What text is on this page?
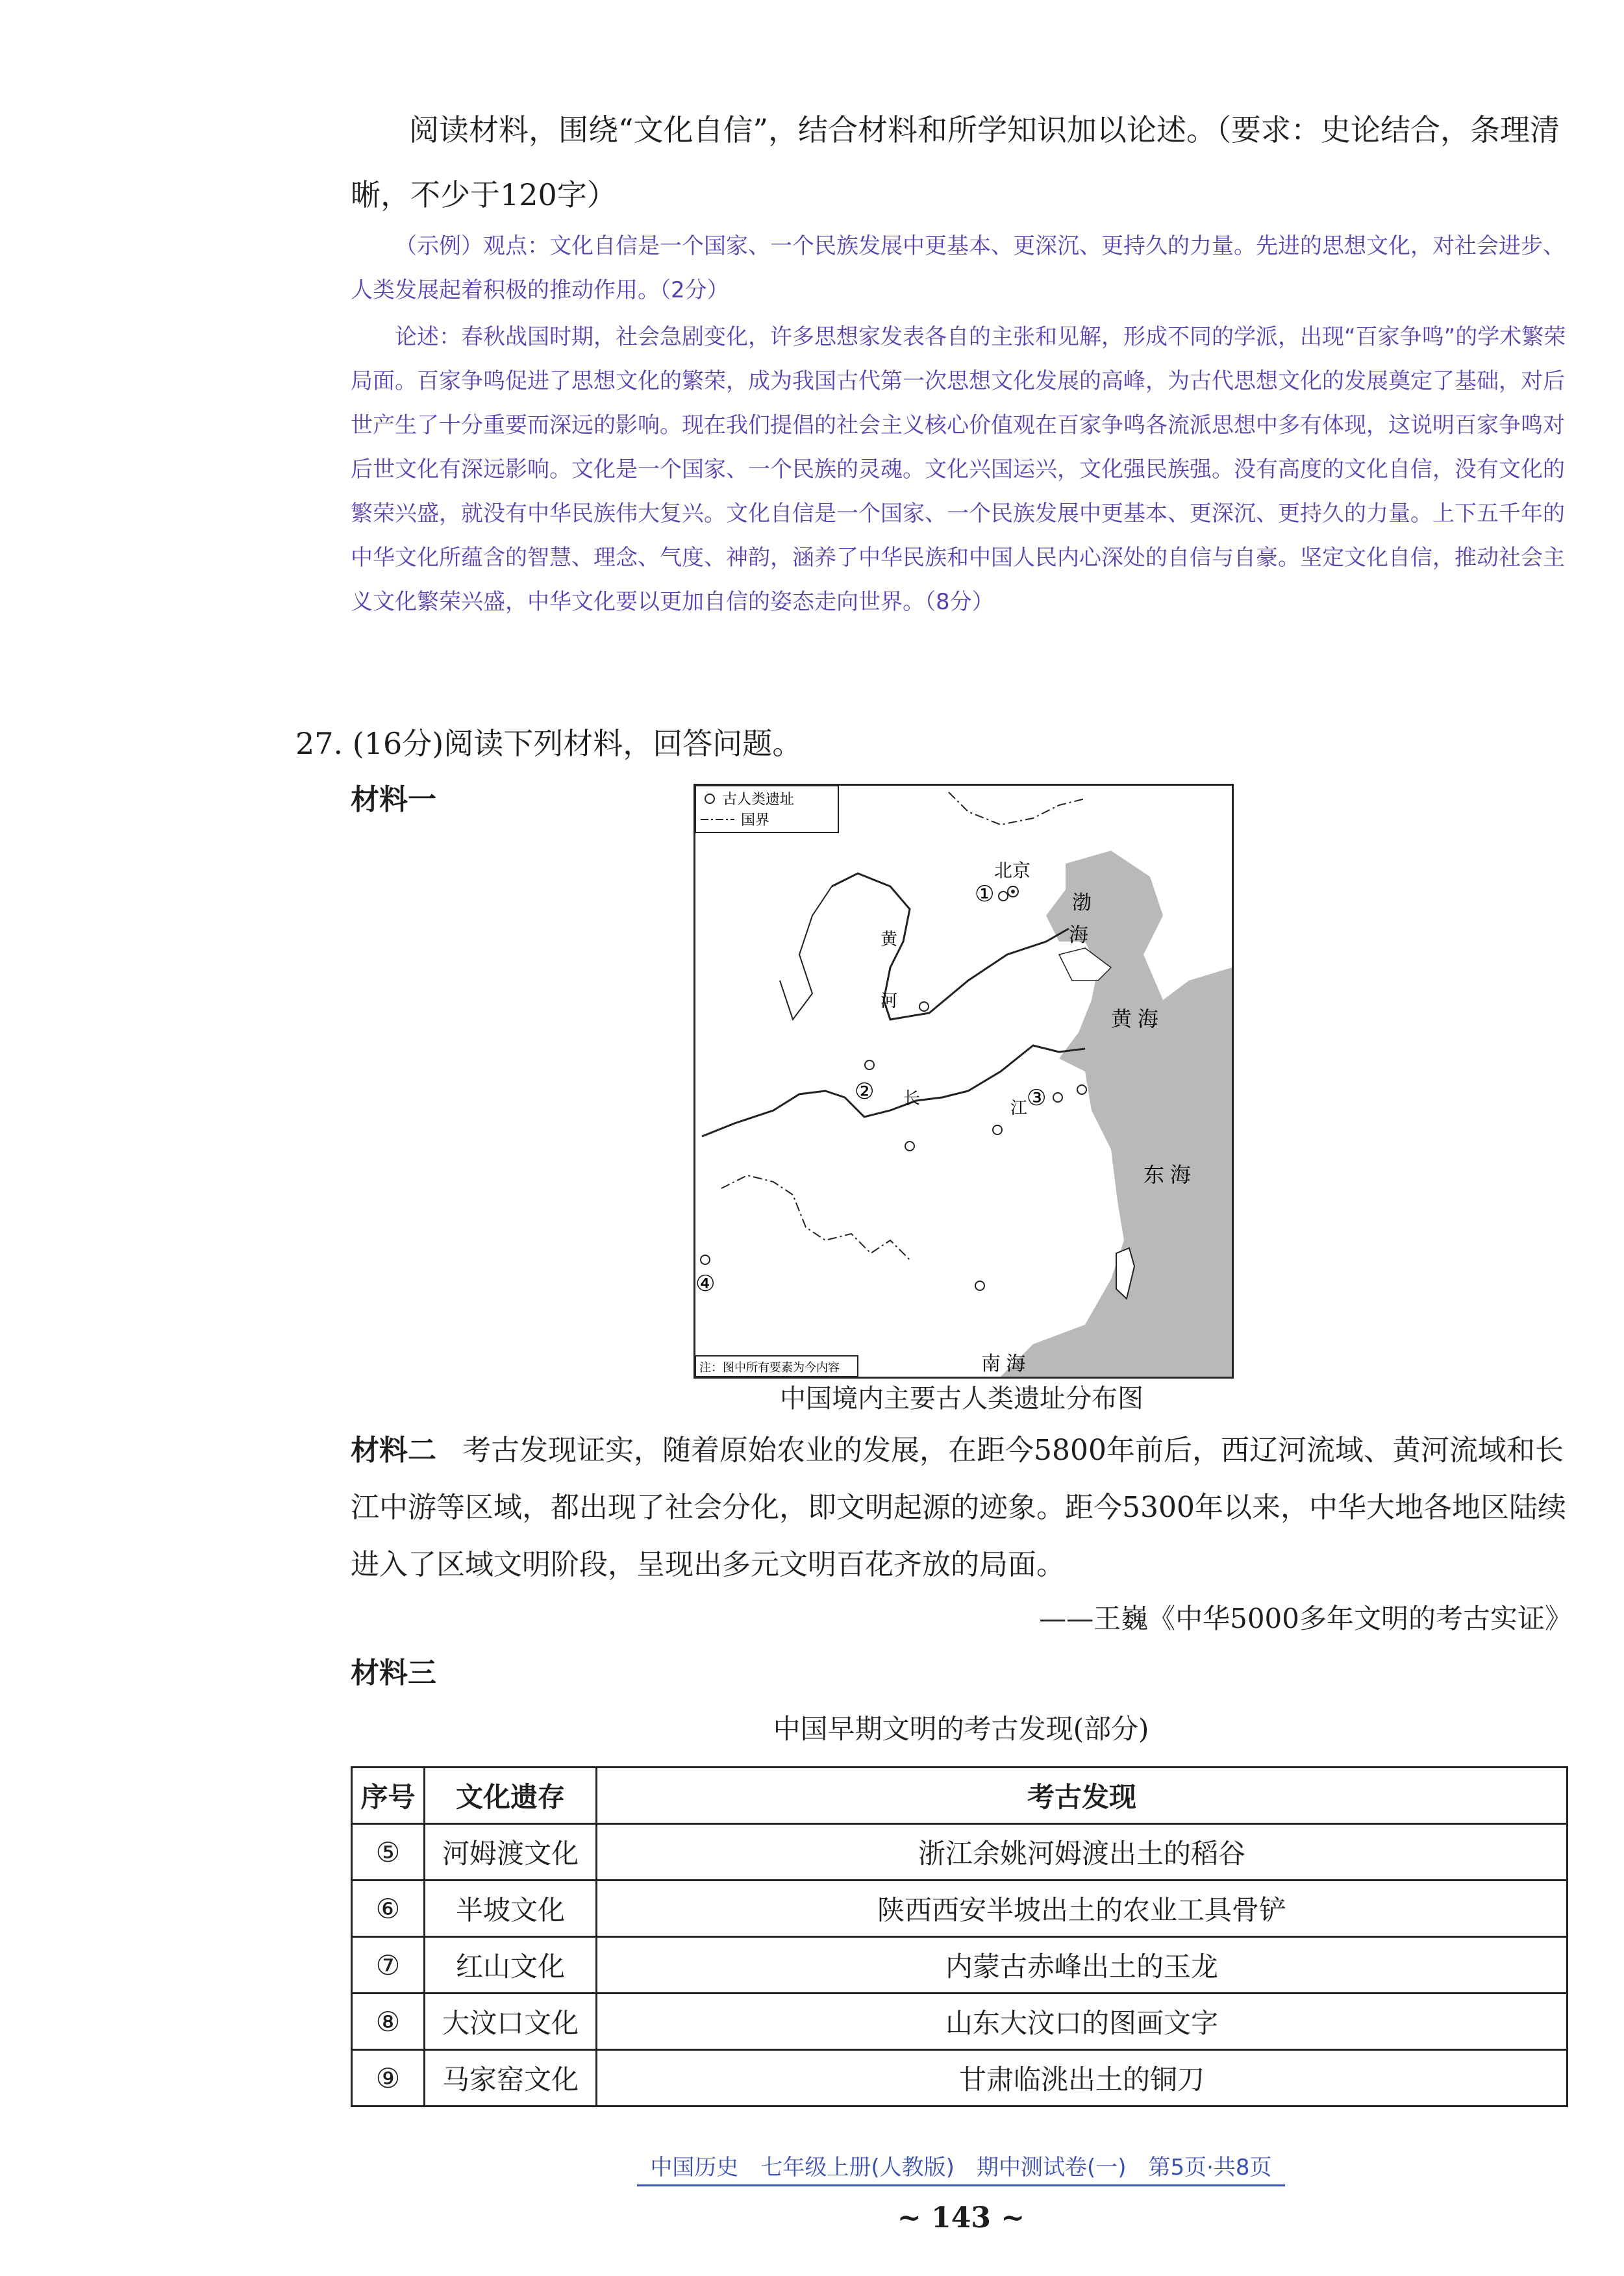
阅读材料，围绕“文化自信”，结合材料和所学知识加以论述。（要求：史论结合，条理清晰，不少于120字）

（示例）观点：文化自信是一个国家、一个民族发展中更基本、更深沉、更持久的力量。先进的思想文化，对社会进步、人类发展起着积极的推动作用。（2分）

论述：春秋战国时期，社会急剧变化，许多思想家发表各自的主张和见解，形成不同的学派，出现“百家争鸣”的学术繁荣局面。百家争鸣促进了思想文化的繁荣，成为我国古代第一次思想文化发展的高峰，为古代思想文化的发展奠定了基础，对后世产生了十分重要而深远的影响。现在我们提倡的社会主义核心价值观在百家争鸣各流派思想中多有体现，这说明百家争鸣对后世文化有深远影响。文化是一个国家、一个民族的灵魂。文化兴国运兴，文化强民族强。没有高度的文化自信，没有文化的繁荣兴盛，就没有中华民族伟大复兴。文化自信是一个国家、一个民族发展中更基本、更深沉、更持久的力量。上下五千年的中华文化所蕴含的智慧、理念、气度、神韵，涵养了中华民族和中国人民内心深处的自信与自豪。坚定文化自信，推动社会主义文化繁荣兴盛，中华文化要以更加自信的姿态走向世界。（8分）

27. (16分)阅读下列材料，回答问题。
材料一	古人类遗址
国界
北京
①
②	③
④
渤
海
黄 海
东 海
南 海
黄
河
长	江
注：图中所有要素为今内容
中国境内主要古人类遗址分布图
材料二 考古发现证实，随着原始农业的发展，在距今5800年前后，西辽河流域、黄河流域和长江中游等区域，都出现了社会分化，即文明起源的迹象。距今5300年以来，中华大地各地区陆续进入了区域文明阶段，呈现出多元文明百花齐放的局面。
——王巍《中华5000多年文明的考古实证》
材料三
中国早期文明的考古发现(部分)
序号	文化遗存	考古发现
⑤	河姆渡文化	浙江余姚河姆渡出土的稻谷
⑥	半坡文化	陕西西安半坡出土的农业工具骨铲
⑦	红山文化	内蒙古赤峰出土的玉龙
⑧	大汶口文化	山东大汶口的图画文字
⑨	马家窑文化	甘肃临洮出土的铜刀
中国历史　七年级上册(人教版)　期中测试卷(一)　第5页·共8页
~ 143 ~
